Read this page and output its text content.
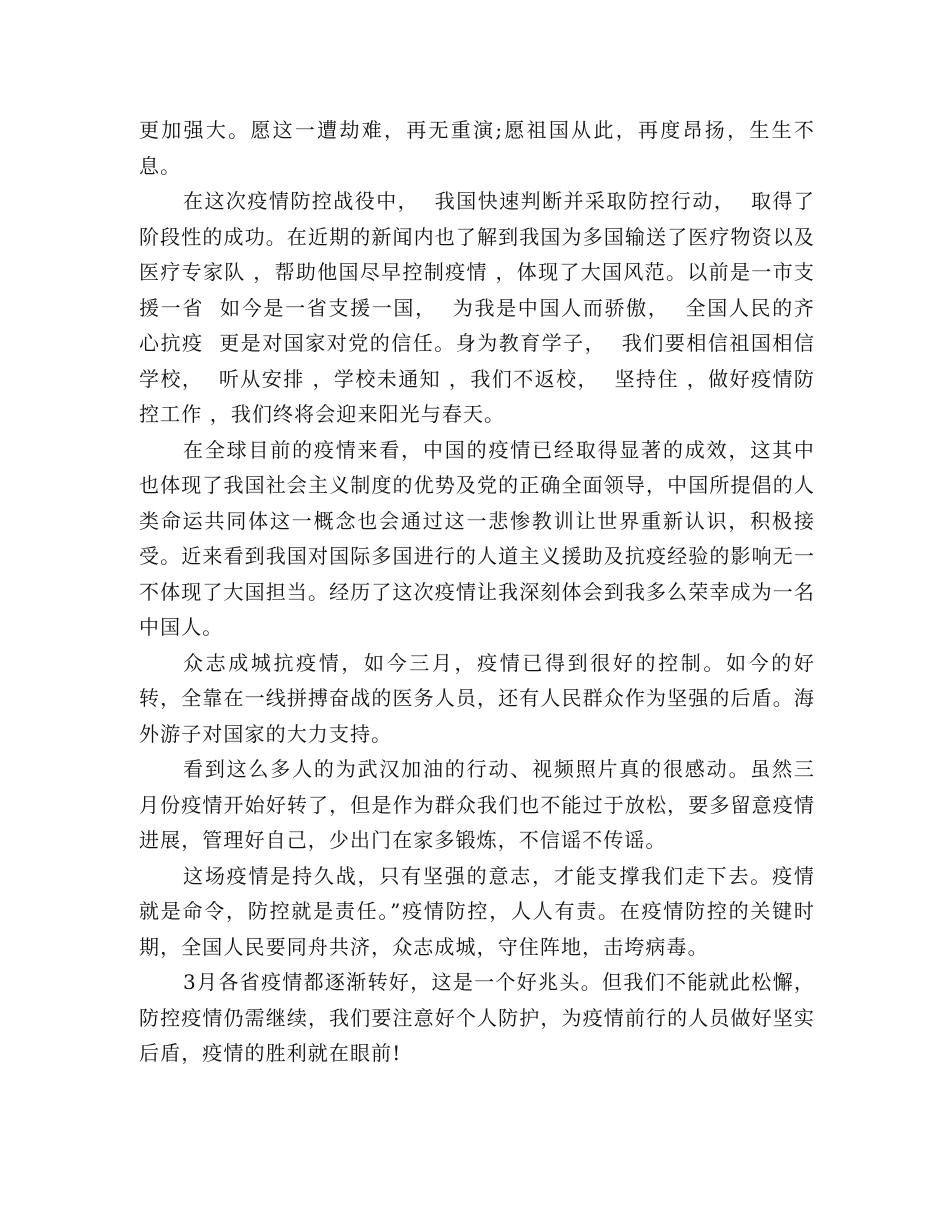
更加强大。愿这一遭劫难，再无重演;愿祖国从此，再度昂扬，生生不息。

在这次疫情防控战役中，  我国快速判断并采取防控行动，  取得了阶段性的成功。在近期的新闻内也了解到我国为多国输送了医疗物资以及医疗专家队 ，帮助他国尽早控制疫情 ，体现了大国风范。以前是一市支援一省  如今是一省支援一国，  为我是中国人而骄傲，  全国人民的齐心抗疫  更是对国家对党的信任。身为教育学子，  我们要相信祖国相信学校，  听从安排 ，学校未通知 ，我们不返校，  坚持住 ，做好疫情防控工作 ，我们终将会迎来阳光与春天。

在全球目前的疫情来看，中国的疫情已经取得显著的成效，这其中也体现了我国社会主义制度的优势及党的正确全面领导，中国所提倡的人类命运共同体这一概念也会通过这一悲惨教训让世界重新认识，积极接受。近来看到我国对国际多国进行的人道主义援助及抗疫经验的影响无一不体现了大国担当。经历了这次疫情让我深刻体会到我多么荣幸成为一名中国人。

众志成城抗疫情，如今三月，疫情已得到很好的控制。如今的好转，全靠在一线拼搏奋战的医务人员，还有人民群众作为坚强的后盾。海外游子对国家的大力支持。

看到这么多人的为武汉加油的行动、视频照片真的很感动。虽然三月份疫情开始好转了，但是作为群众我们也不能过于放松，要多留意疫情进展，管理好自己，少出门在家多锻炼，不信谣不传谣。

这场疫情是持久战，只有坚强的意志，才能支撑我们走下去。疫情就是命令，防控就是责任。”疫情防控，人人有责。在疫情防控的关键时期，全国人民要同舟共济，众志成城，守住阵地，击垮病毒。

3月各省疫情都逐渐转好，这是一个好兆头。但我们不能就此松懈，防控疫情仍需继续，我们要注意好个人防护，为疫情前行的人员做好坚实后盾，疫情的胜利就在眼前!
